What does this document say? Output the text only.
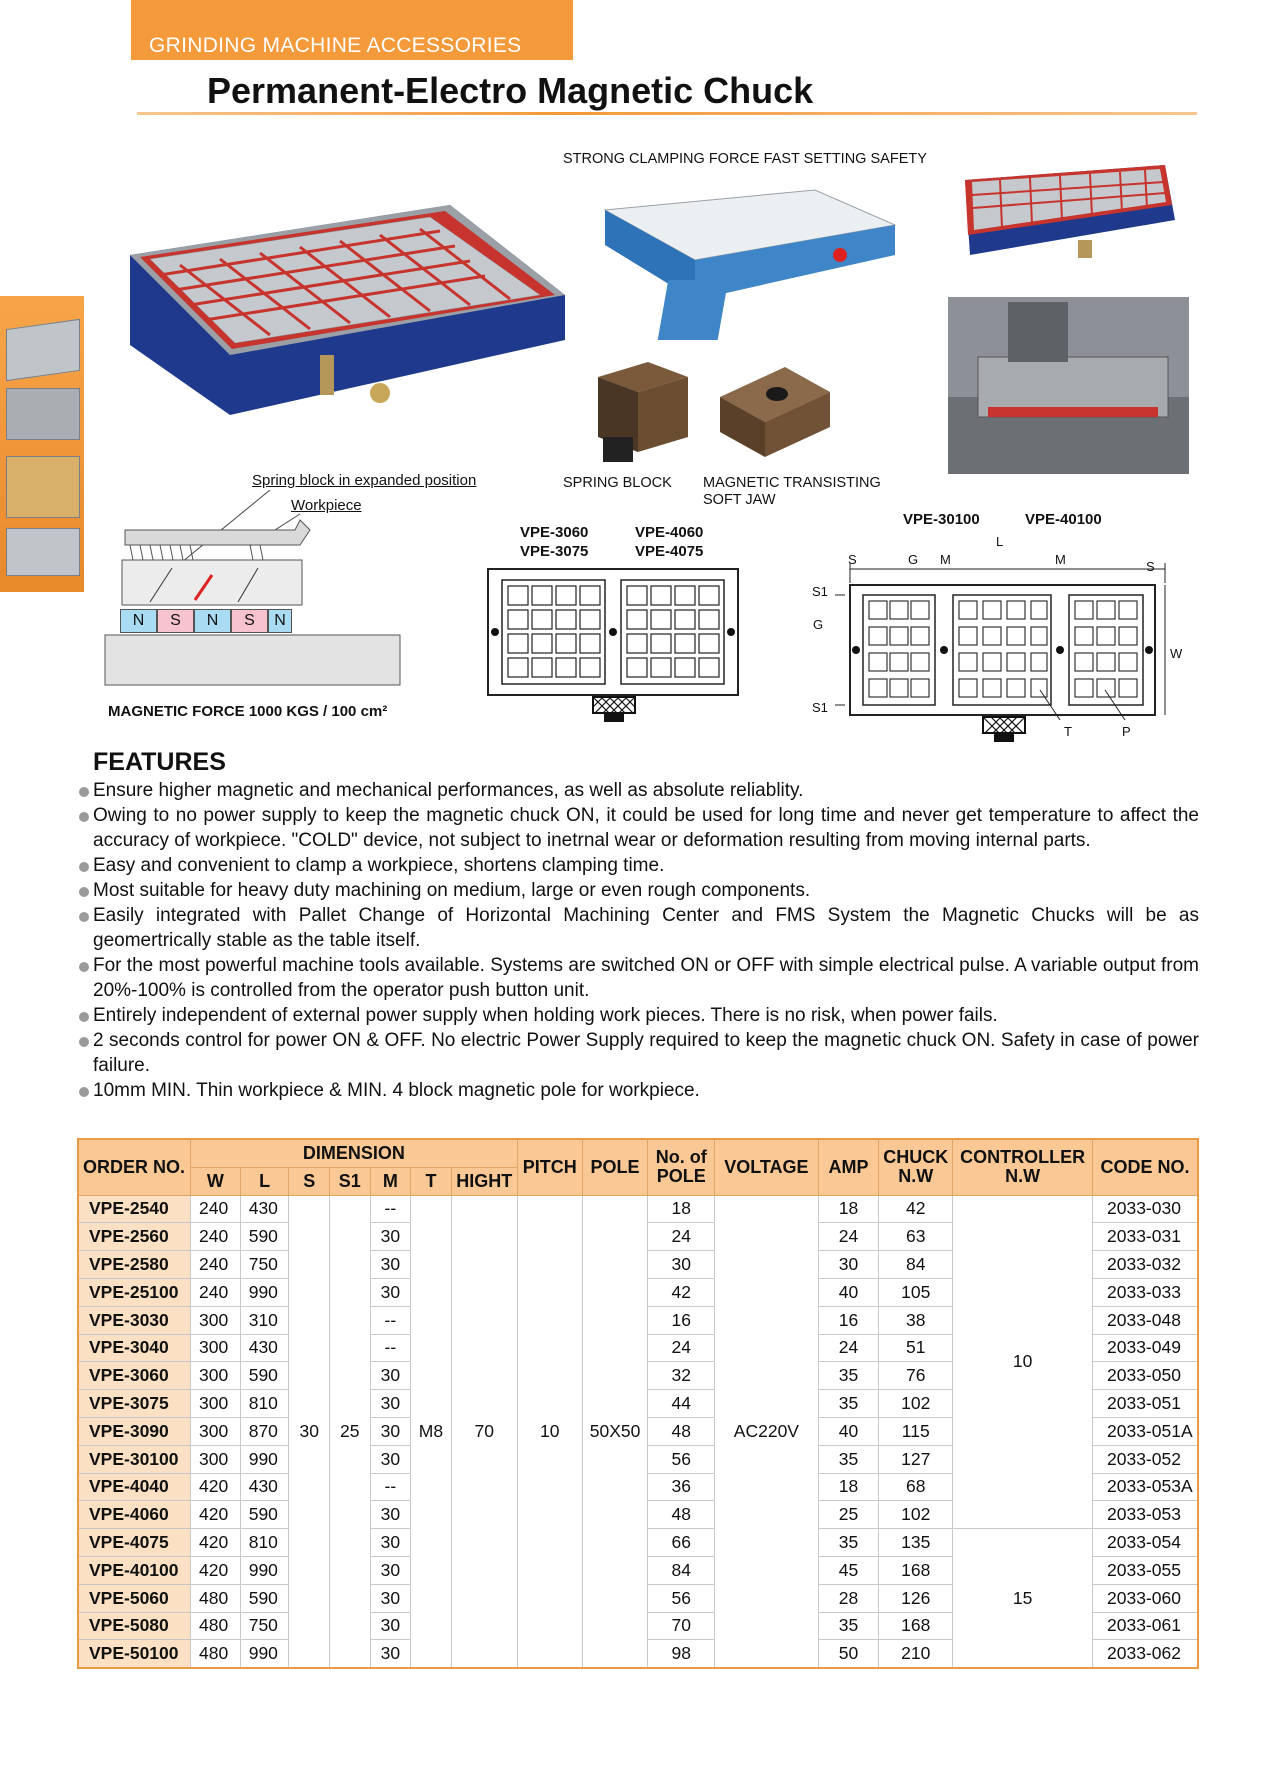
GRINDING MACHINE ACCESSORIES
Permanent-Electro Magnetic Chuck
STRONG CLAMPING FORCE FAST SETTING SAFETY
SPRING BLOCK MAGNETIC TRANSISTING
SOFT JAW
Spring block in expanded position
Workpiece
N	S	N	S	N
MAGNETIC FORCE 1000 KGS / 100 cm²
VPE-3060	VPE-4060
VPE-3075	VPE-4075
VPE-30100	VPE-40100
L
S	G M	M	S
S1
G
S1
W
T	P
FEATURES
Ensure higher magnetic and mechanical performances, as well as absolute reliablity.
Owing to no power supply to keep the magnetic chuck ON, it could be used for long time and never get temperature to affect the accuracy of workpiece. "COLD" device, not subject to inetrnal wear or deformation resulting from moving internal parts.
Easy and convenient to clamp a workpiece, shortens clamping time.
Most suitable for heavy duty machining on medium, large or even rough components.
Easily integrated with Pallet Change of Horizontal Machining Center and FMS System the Magnetic Chucks will be as geomertrically stable as the table itself.
For the most powerful machine tools available. Systems are switched ON or OFF with simple electrical pulse. A variable output from 20%-100% is controlled from the operator push button unit.
Entirely independent of external power supply when holding work pieces. There is no risk, when power fails.
2 seconds control for power ON & OFF. No electric Power Supply required to keep the magnetic chuck ON. Safety in case of power failure.
10mm MIN. Thin workpiece & MIN. 4 block magnetic pole for workpiece.
ORDER NO.	DIMENSION							PITCH	POLE	No. of POLE	VOLTAGE	AMP	CHUCK N.W	CONTROLLER N.W	CODE NO.
	W	L	S	S1	M	T	HIGHT								
VPE-2540	240	430	30	25	--	M8	70	10	50X50	18	AC220V	18	42	10	2033-030
VPE-2560	240	590			30					24		24	63		2033-031
VPE-2580	240	750			30					30		30	84		2033-032
VPE-25100	240	990			30					42		40	105		2033-033
VPE-3030	300	310			--					16		16	38		2033-048
VPE-3040	300	430			--					24		24	51		2033-049
VPE-3060	300	590			30					32		35	76		2033-050
VPE-3075	300	810			30					44		35	102		2033-051
VPE-3090	300	870			30					48		40	115		2033-051A
VPE-30100	300	990			30					56		35	127		2033-052
VPE-4040	420	430			--					36		18	68		2033-053A
VPE-4060	420	590			30					48		25	102		2033-053
VPE-4075	420	810			30					66		35	135	15	2033-054
VPE-40100	420	990			30					84		45	168		2033-055
VPE-5060	480	590			30					56		28	126		2033-060
VPE-5080	480	750			30					70		35	168		2033-061
VPE-50100	480	990			30					98		50	210		2033-062
